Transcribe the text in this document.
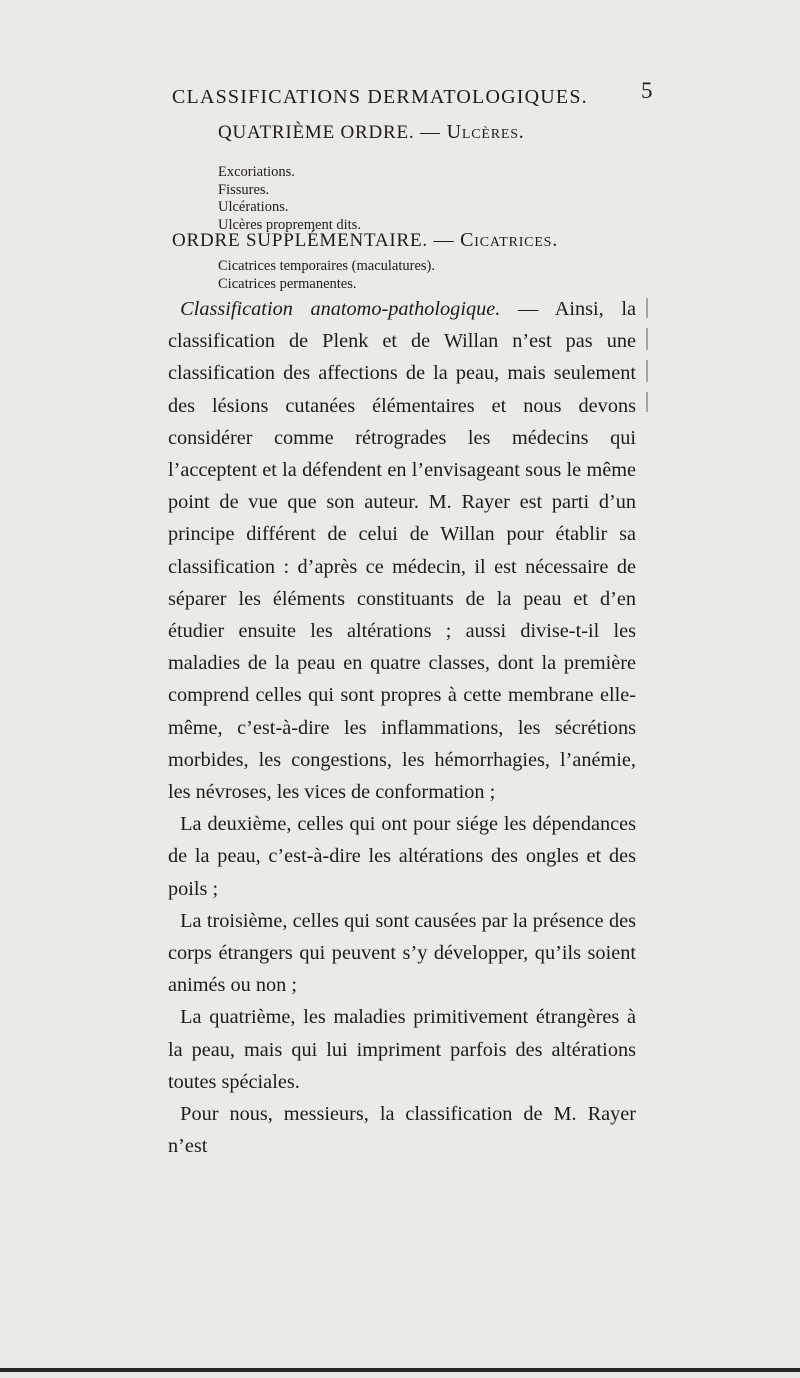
CLASSIFICATIONS DERMATOLOGIQUES. 5
QUATRIÈME ORDRE. — Ulcères.
Excoriations.
Fissures.
Ulcérations.
Ulcères proprement dits.
ORDRE SUPPLÉMENTAIRE. — Cicatrices.
Cicatrices temporaires (maculatures).
Cicatrices permanentes.

Classification anatomo-pathologique. — Ainsi, la classification de Plenk et de Willan n’est pas une classification des affections de la peau, mais seulement des lésions cutanées élémentaires et nous devons considérer comme rétrogrades les médecins qui l’acceptent et la défendent en l’envisageant sous le même point de vue que son auteur. M. Rayer est parti d’un principe différent de celui de Willan pour établir sa classification : d’après ce médecin, il est nécessaire de séparer les éléments constituants de la peau et d’en étudier ensuite les altérations ; aussi divise-t-il les maladies de la peau en quatre classes, dont la première comprend celles qui sont propres à cette membrane elle-même, c’est-à-dire les inflammations, les sécrétions morbides, les congestions, les hémorrhagies, l’anémie, les névroses, les vices de conformation ;

La deuxième, celles qui ont pour siége les dépendances de la peau, c’est-à-dire les altérations des ongles et des poils ;

La troisième, celles qui sont causées par la présence des corps étrangers qui peuvent s’y développer, qu’ils soient animés ou non ;

La quatrième, les maladies primitivement étrangères à la peau, mais qui lui impriment parfois des altérations toutes spéciales.

Pour nous, messieurs, la classification de M. Rayer n’est
